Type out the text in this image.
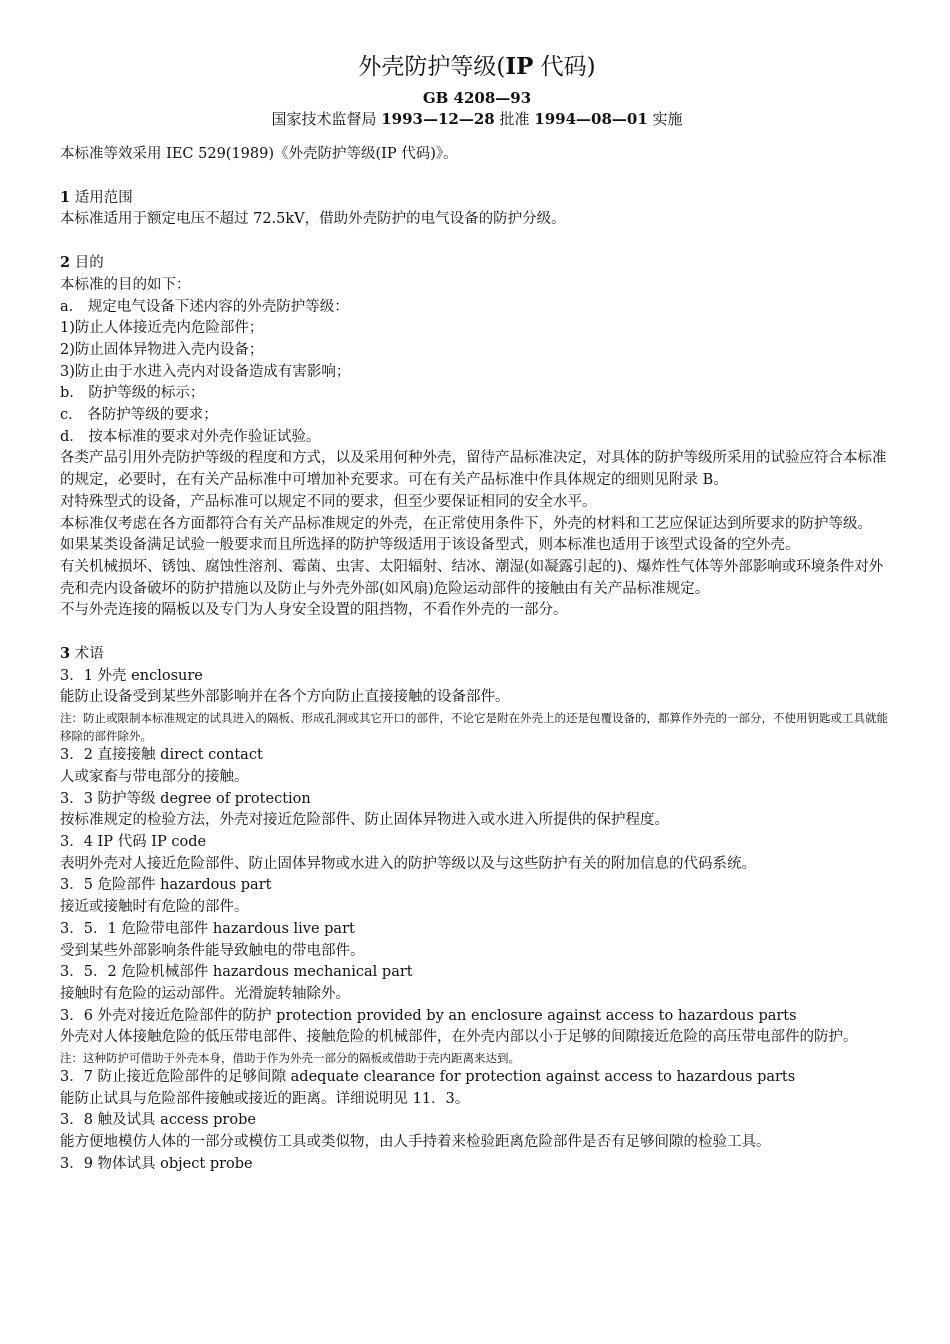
外壳防护等级(IP 代码)

GB 4208—93

国家技术监督局 1993—12—28 批准 1994—08—01 实施

本标准等效采用 IEC 529(1989)《外壳防护等级(IP 代码)》。

1 适用范围

本标准适用于额定电压不超过 72.5kV，借助外壳防护的电气设备的防护分级。

2 目的

本标准的目的如下：

a． 规定电气设备下述内容的外壳防护等级：

1)防止人体接近壳内危险部件；

2)防止固体异物进入壳内设备；

3)防止由于水进入壳内对设备造成有害影响；

b． 防护等级的标示；

c． 各防护等级的要求；

d． 按本标准的要求对外壳作验证试验。

各类产品引用外壳防护等级的程度和方式，以及采用何种外壳，留待产品标准决定，对具体的防护等级所采用的试验应符合本标准的规定，必要时，在有关产品标准中可增加补充要求。可在有关产品标准中作具体规定的细则见附录 B。

对特殊型式的设备，产品标准可以规定不同的要求，但至少要保证相同的安全水平。

本标准仅考虑在各方面都符合有关产品标准规定的外壳，在正常使用条件下，外壳的材料和工艺应保证达到所要求的防护等级。

如果某类设备满足试验一般要求而且所选择的防护等级适用于该设备型式，则本标准也适用于该型式设备的空外壳。

有关机械损坏、锈蚀、腐蚀性溶剂、霉菌、虫害、太阳辐射、结冰、潮湿(如凝露引起的)、爆炸性气体等外部影响或环境条件对外壳和壳内设备破坏的防护措施以及防止与外壳外部(如风扇)危险运动部件的接触由有关产品标准规定。

不与外壳连接的隔板以及专门为人身安全设置的阻挡物，不看作外壳的一部分。

3 术语

3．1 外壳 enclosure

能防止设备受到某些外部影响并在各个方向防止直接接触的设备部件。

注：防止或限制本标准规定的试具进入的隔板、形成孔洞或其它开口的部件，不论它是附在外壳上的还是包覆设备的，都算作外壳的一部分，不使用钥匙或工具就能移除的部件除外。

3．2 直接接触 direct contact

人或家畜与带电部分的接触。

3．3 防护等级 degree of protection

按标准规定的检验方法，外壳对接近危险部件、防止固体异物进入或水进入所提供的保护程度。

3．4 IP 代码 IP code

表明外壳对人接近危险部件、防止固体异物或水进入的防护等级以及与这些防护有关的附加信息的代码系统。

3．5 危险部件 hazardous part

接近或接触时有危险的部件。

3．5．1 危险带电部件 hazardous live part

受到某些外部影响条件能导致触电的带电部件。

3．5．2 危险机械部件 hazardous mechanical part

接触时有危险的运动部件。光滑旋转轴除外。

3．6 外壳对接近危险部件的防护 protection provided by an enclosure against access to hazardous parts

外壳对人体接触危险的低压带电部件、接触危险的机械部件，在外壳内部以小于足够的间隙接近危险的高压带电部件的防护。

注：这种防护可借助于外壳本身，借助于作为外壳一部分的隔板或借助于壳内距离来达到。

3．7 防止接近危险部件的足够间隙 adequate clearance for protection against access to hazardous parts

能防止试具与危险部件接触或接近的距离。详细说明见 11．3。

3．8 触及试具 access probe

能方便地模仿人体的一部分或模仿工具或类似物，由人手持着来检验距离危险部件是否有足够间隙的检验工具。

3．9 物体试具 object probe
